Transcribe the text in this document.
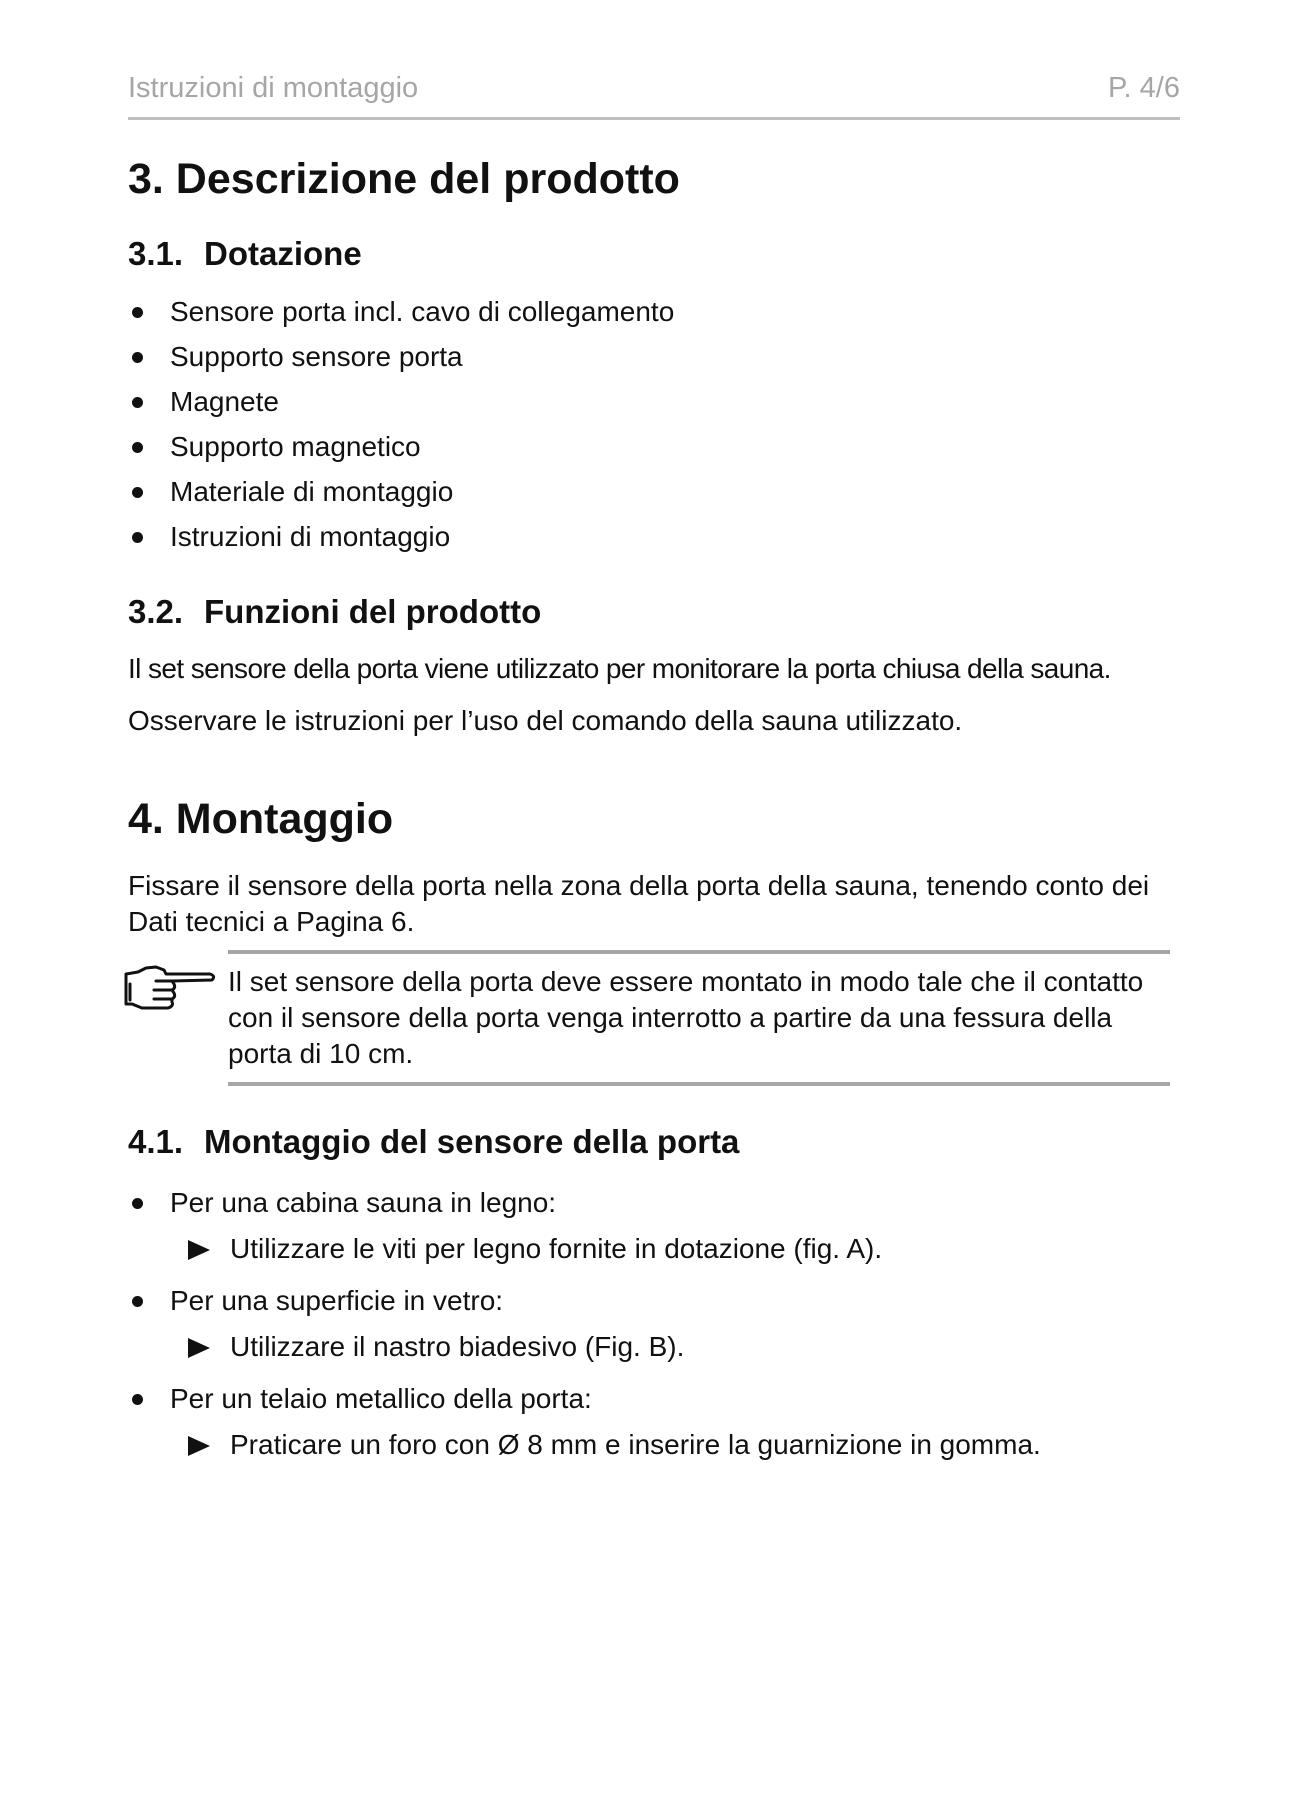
Istruzioni di montaggio	P. 4/6
3. Descrizione del prodotto
3.1. Dotazione
Sensore porta incl. cavo di collegamento
Supporto sensore porta
Magnete
Supporto magnetico
Materiale di montaggio
Istruzioni di montaggio
3.2. Funzioni del prodotto

Il set sensore della porta viene utilizzato per monitorare la porta chiusa della sauna.

Osservare le istruzioni per l’uso del comando della sauna utilizzato.

4. Montaggio

Fissare il sensore della porta nella zona della porta della sauna, tenendo conto dei Dati tecnici a Pagina 6.

Il set sensore della porta deve essere montato in modo tale che il contatto con il sensore della porta venga interrotto a partire da una fessura della porta di 10 cm.

4.1. Montaggio del sensore della porta
Per una cabina sauna in legno:
Utilizzare le viti per legno fornite in dotazione (fig. A).
Per una superficie in vetro:
Utilizzare il nastro biadesivo (Fig. B).
Per un telaio metallico della porta:
Praticare un foro con Ø 8 mm e inserire la guarnizione in gomma.
